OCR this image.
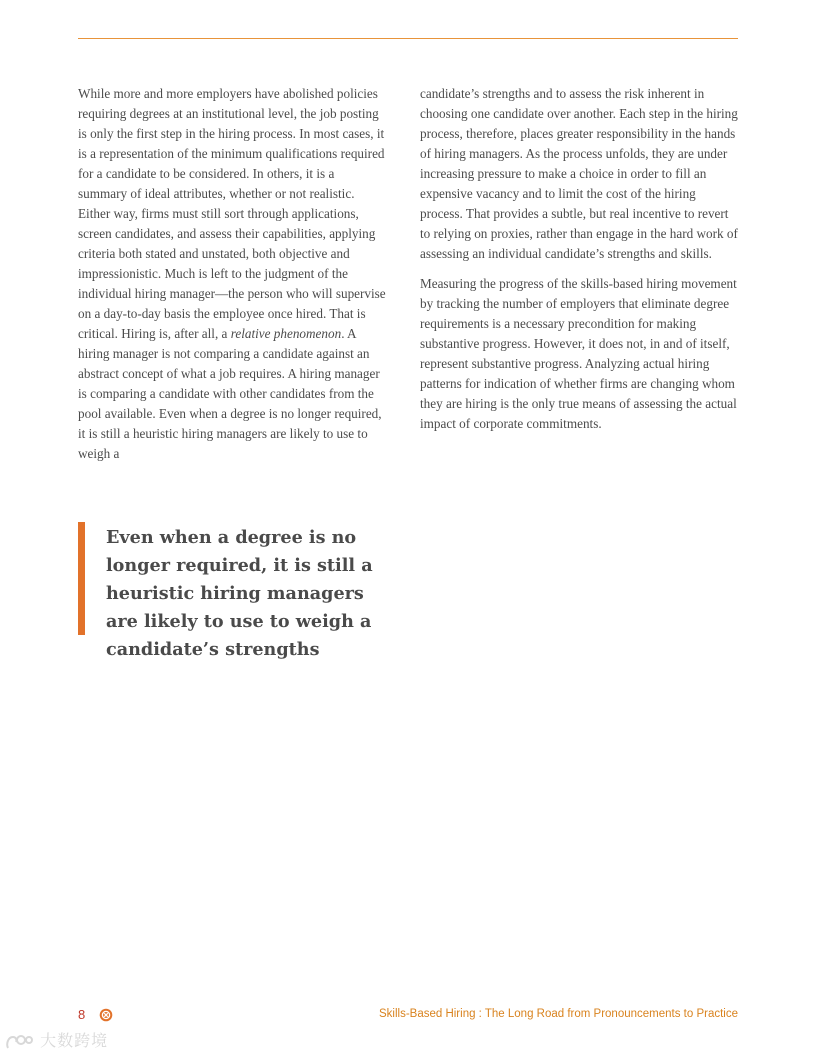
While more and more employers have abolished policies requiring degrees at an institutional level, the job posting is only the first step in the hiring process. In most cases, it is a representation of the minimum qualifications required for a candidate to be considered. In others, it is a summary of ideal attributes, whether or not realistic. Either way, firms must still sort through applications, screen candidates, and assess their capabilities, applying criteria both stated and unstated, both objective and impressionistic. Much is left to the judgment of the individual hiring manager—the person who will supervise on a day-to-day basis the employee once hired. That is critical. Hiring is, after all, a relative phenomenon. A hiring manager is not comparing a candidate against an abstract concept of what a job requires. A hiring manager is comparing a candidate with other candidates from the pool available. Even when a degree is no longer required, it is still a heuristic hiring managers are likely to use to weigh a

candidate’s strengths and to assess the risk inherent in choosing one candidate over another. Each step in the hiring process, therefore, places greater responsibility in the hands of hiring managers. As the process unfolds, they are under increasing pressure to make a choice in order to fill an expensive vacancy and to limit the cost of the hiring process. That provides a subtle, but real incentive to revert to relying on proxies, rather than engage in the hard work of assessing an individual candidate’s strengths and skills.

Measuring the progress of the skills-based hiring movement by tracking the number of employers that eliminate degree requirements is a necessary precondition for making substantive progress. However, it does not, in and of itself, represent substantive progress. Analyzing actual hiring patterns for indication of whether firms are changing whom they are hiring is the only true means of assessing the actual impact of corporate commitments.

Even when a degree is no longer required, it is still a heuristic hiring managers are likely to use to weigh a candidate’s strengths
8	Skills-Based Hiring : The Long Road from Pronouncements to Practice
大数跨境
